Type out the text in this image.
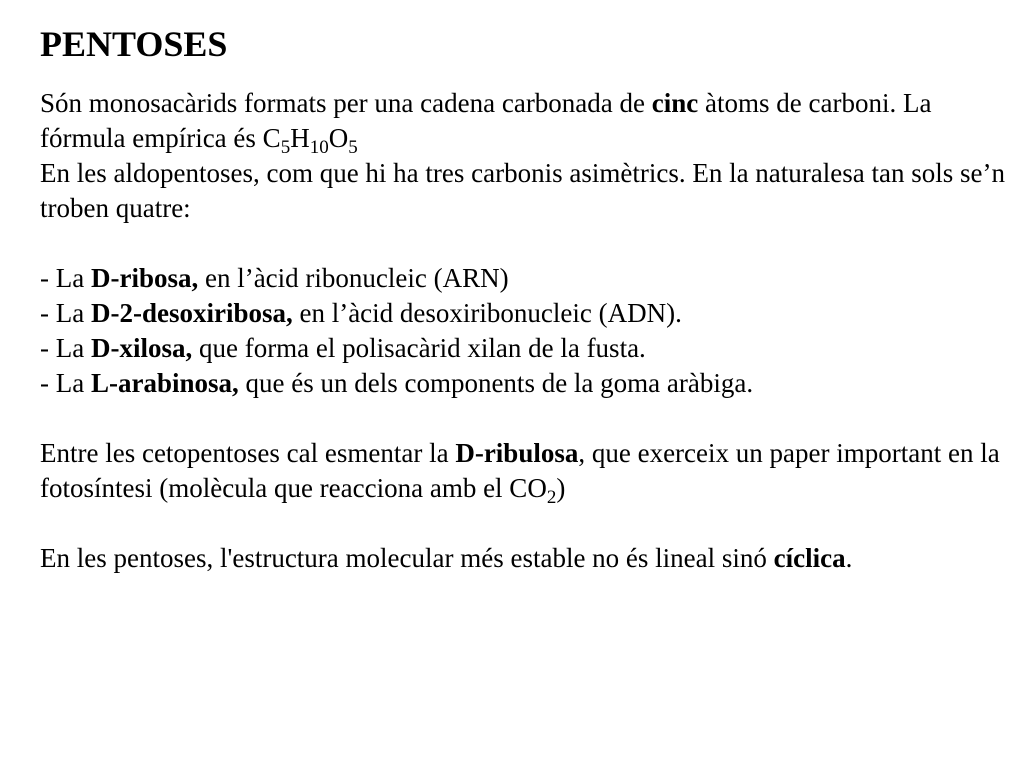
PENTOSES

Són monosacàrids formats per una cadena carbonada de cinc àtoms de carboni. La fórmula empírica és $C_5H_{10}O_5$

En les aldopentoses, com que hi ha tres carbonis asimètrics. En la naturalesa tan sols se’n troben quatre:

- La D-ribosa, en l’àcid ribonucleic (ARN)

- La D-2-desoxiribosa, en l’àcid desoxiribonucleic (ADN).

- La D-xilosa, que forma el polisacàrid xilan de la fusta.

- La L-arabinosa, que és un dels components de la goma aràbiga.

Entre les cetopentoses cal esmentar la D-ribulosa, que exerceix un paper important en la fotosíntesi (molècula que reacciona amb el $CO_2$)

En les pentoses, l'estructura molecular més estable no és lineal sinó cíclica.
